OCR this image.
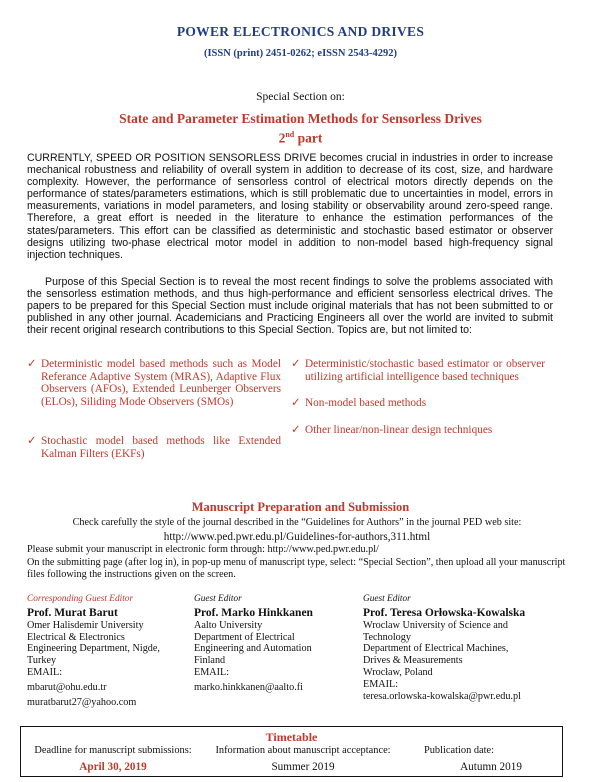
POWER ELECTRONICS AND DRIVES
(ISSN (print) 2451-0262; eISSN 2543-4292)
Special Section on:
State and Parameter Estimation Methods for Sensorless Drives
2nd part
CURRENTLY, SPEED OR POSITION SENSORLESS DRIVE becomes crucial in industries in order to increase mechanical robustness and reliability of overall system in addition to decrease of its cost, size, and hardware complexity. However, the performance of sensorless control of electrical motors directly depends on the performance of states/parameters estimations, which is still problematic due to uncertainties in model, errors in measurements, variations in model parameters, and losing stability or observability around zero-speed range. Therefore, a great effort is needed in the literature to enhance the estimation performances of the states/parameters. This effort can be classified as deterministic and stochastic based estimator or observer designs utilizing two-phase electrical motor model in addition to non-model based high-frequency signal injection techniques.
Purpose of this Special Section is to reveal the most recent findings to solve the problems associated with the sensorless estimation methods, and thus high-performance and efficient sensorless electrical drives. The papers to be prepared for this Special Section must include original materials that has not been submitted to or published in any other journal. Academicians and Practicing Engineers all over the world are invited to submit their recent original research contributions to this Special Section. Topics are, but not limited to:
✓ Deterministic model based methods such as Model Referance Adaptive System (MRAS), Adaptive Flux Observers (AFOs), Extended Leunberger Observers (ELOs), Siliding Mode Observers (SMOs)
✓ Stochastic model based methods like Extended Kalman Filters (EKFs)
✓ Deterministic/stochastic based estimator or observer utilizing artificial intelligence based techniques
✓ Non-model based methods
✓ Other linear/non-linear design techniques
Manuscript Preparation and Submission
Check carefully the style of the journal described in the “Guidelines for Authors” in the journal PED web site:
http://www.ped.pwr.edu.pl/Guidelines-for-authors,311.html
Please submit your manuscript in electronic form through: http://www.ped.pwr.edu.pl/
On the submitting page (after log in), in pop-up menu of manuscript type, select: “Special Section”, then upload all your manuscript files following the instructions given on the screen.
Corresponding Guest Editor
Prof. Murat Barut
Omer Halisdemir University
Electrical & Electronics
Engineering Department, Nigde,
Turkey
EMAIL:
mbarut@ohu.edu.tr
muratbarut27@yahoo.com
Guest Editor
Prof. Marko Hinkkanen
Aalto University
Department of Electrical
Engineering and Automation
Finland
EMAIL:
marko.hinkkanen@aalto.fi
Guest Editor
Prof. Teresa Orłowska-Kowalska
Wroclaw University of Science and
Technology
Department of Electrical Machines,
Drives & Measurements
Wrocław, Poland
EMAIL:
teresa.orlowska-kowalska@pwr.edu.pl
Timetable
Deadline for manuscript submissions:	Information about manuscript acceptance:	Publication date:
April 30, 2019	Summer 2019	Autumn 2019
